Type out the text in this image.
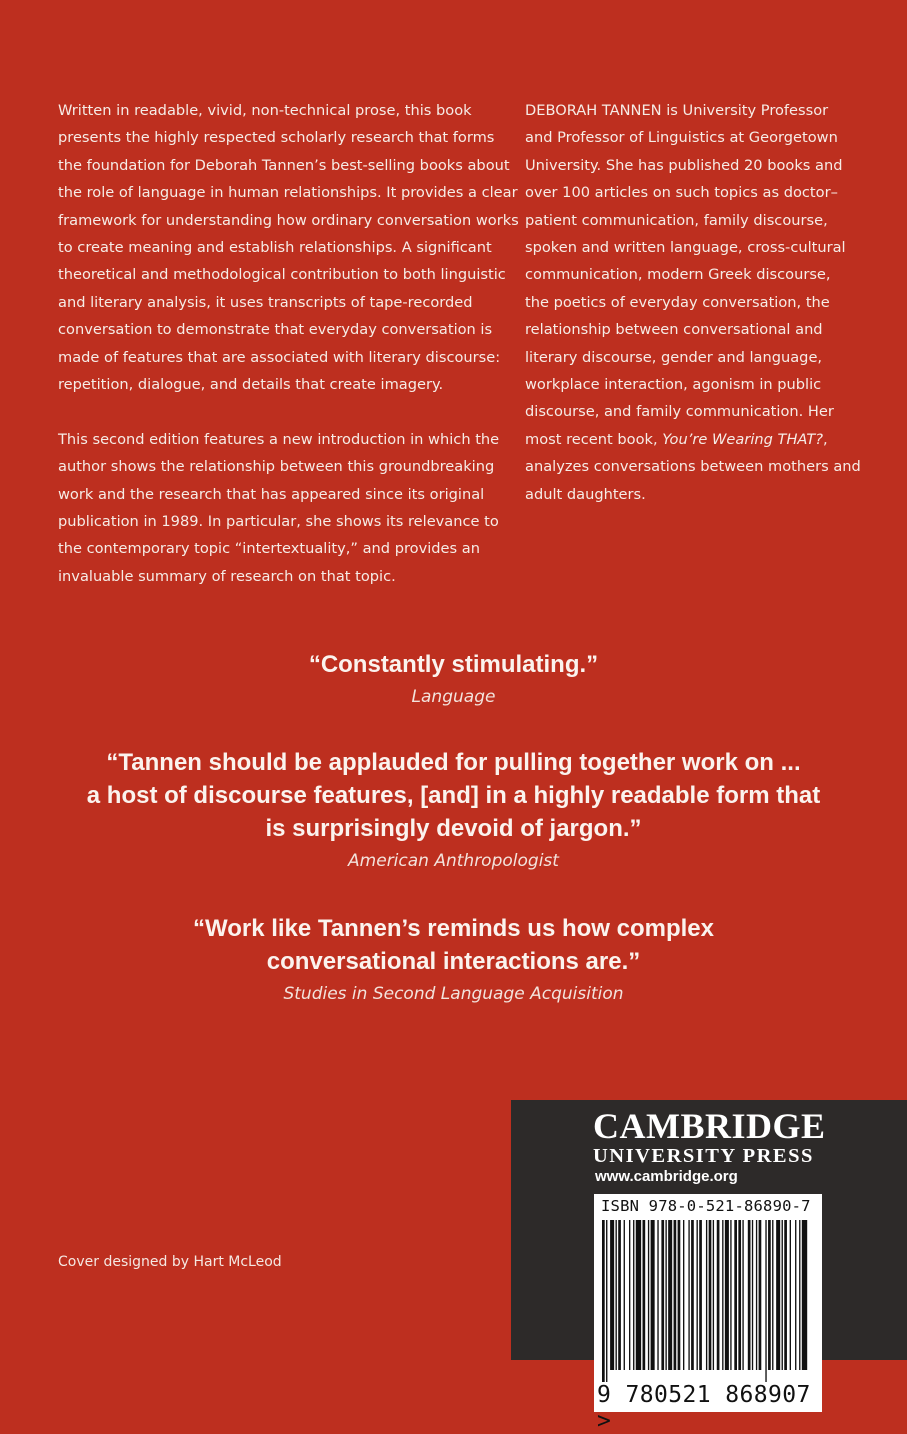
Written in readable, vivid, non-technical prose, this book
presents the highly respected scholarly research that forms
the foundation for Deborah Tannen’s best-selling books about
the role of language in human relationships. It provides a clear
framework for understanding how ordinary conversation works
to create meaning and establish relationships. A significant
theoretical and methodological contribution to both linguistic
and literary analysis, it uses transcripts of tape-recorded
conversation to demonstrate that everyday conversation is
made of features that are associated with literary discourse:
repetition, dialogue, and details that create imagery.

This second edition features a new introduction in which the
author shows the relationship between this groundbreaking
work and the research that has appeared since its original
publication in 1989. In particular, she shows its relevance to
the contemporary topic “intertextuality,” and provides an
invaluable summary of research on that topic.

DEBORAH TANNEN is University Professor
and Professor of Linguistics at Georgetown
University. She has published 20 books and
over 100 articles on such topics as doctor–
patient communication, family discourse,
spoken and written language, cross-cultural
communication, modern Greek discourse,
the poetics of everyday conversation, the
relationship between conversational and
literary discourse, gender and language,
workplace interaction, agonism in public
discourse, and family communication. Her
most recent book, You’re Wearing THAT?,
analyzes conversations between mothers and
adult daughters.

“Constantly stimulating.”
Language
“Tannen should be applauded for pulling together work on ...
a host of discourse features, [and] in a highly readable form that
is surprisingly devoid of jargon.”
American Anthropologist
“Work like Tannen’s reminds us how complex
conversational interactions are.”
Studies in Second Language Acquisition
Cover designed by Hart McLeod
CAMBRIDGE
UNIVERSITY PRESS
www.cambridge.org
ISBN 978-0-521-86890-7
9 780521 868907 >
